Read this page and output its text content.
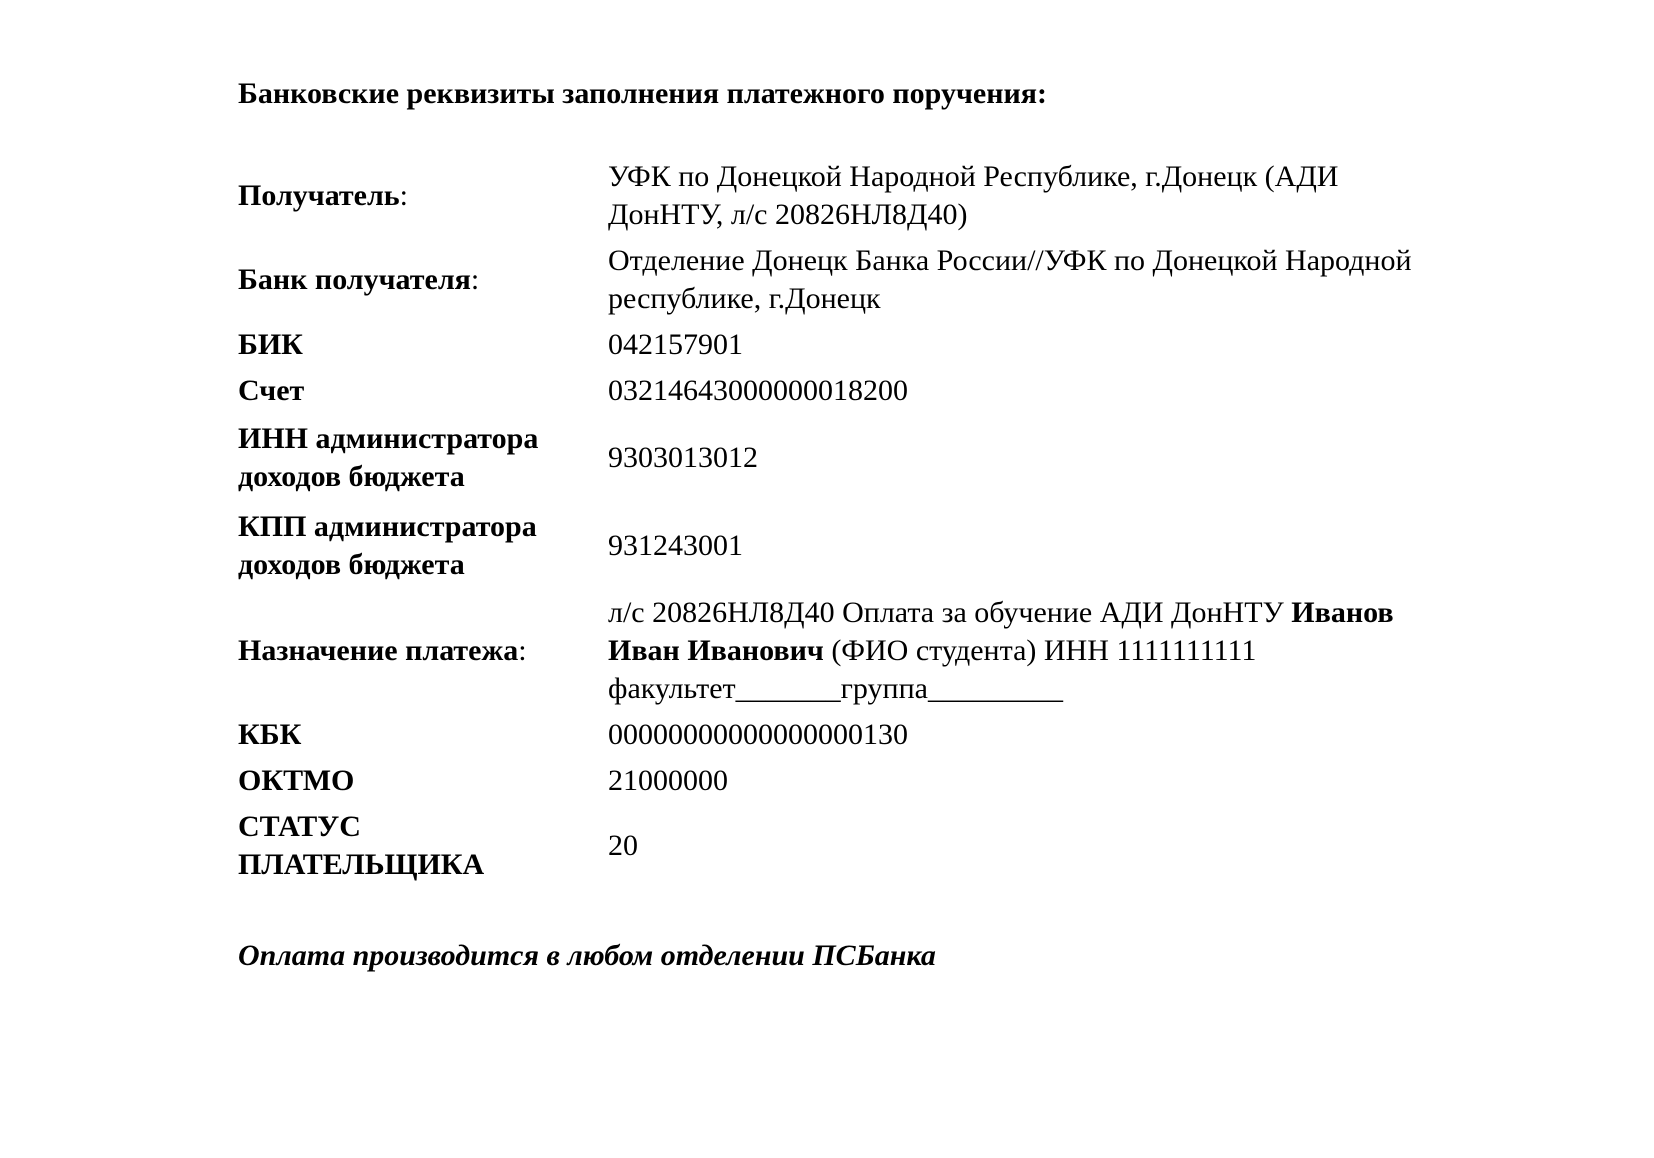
Банковские реквизиты заполнения платежного поручения:
Получатель:	УФК по Донецкой Народной Республике, г.Донецк (АДИ
ДонНТУ, л/с 20826НЛ8Д40)
Банк получателя:	Отделение Донецк Банка России//УФК по Донецкой Народной
республике, г.Донецк
БИК	042157901
Счет	03214643000000018200
ИНН администратора
доходов бюджета	9303013012
КПП администратора
доходов бюджета	931243001
Назначение платежа:	л/с 20826НЛ8Д40 Оплата за обучение АДИ ДонНТУ Иванов
Иван Иванович (ФИО студента) ИНН 1111111111
факультет_______группа_________
КБК	00000000000000000130
ОКТМО	21000000
СТАТУС
ПЛАТЕЛЬЩИКА	20
Оплата производится в любом отделении ПСБанка
